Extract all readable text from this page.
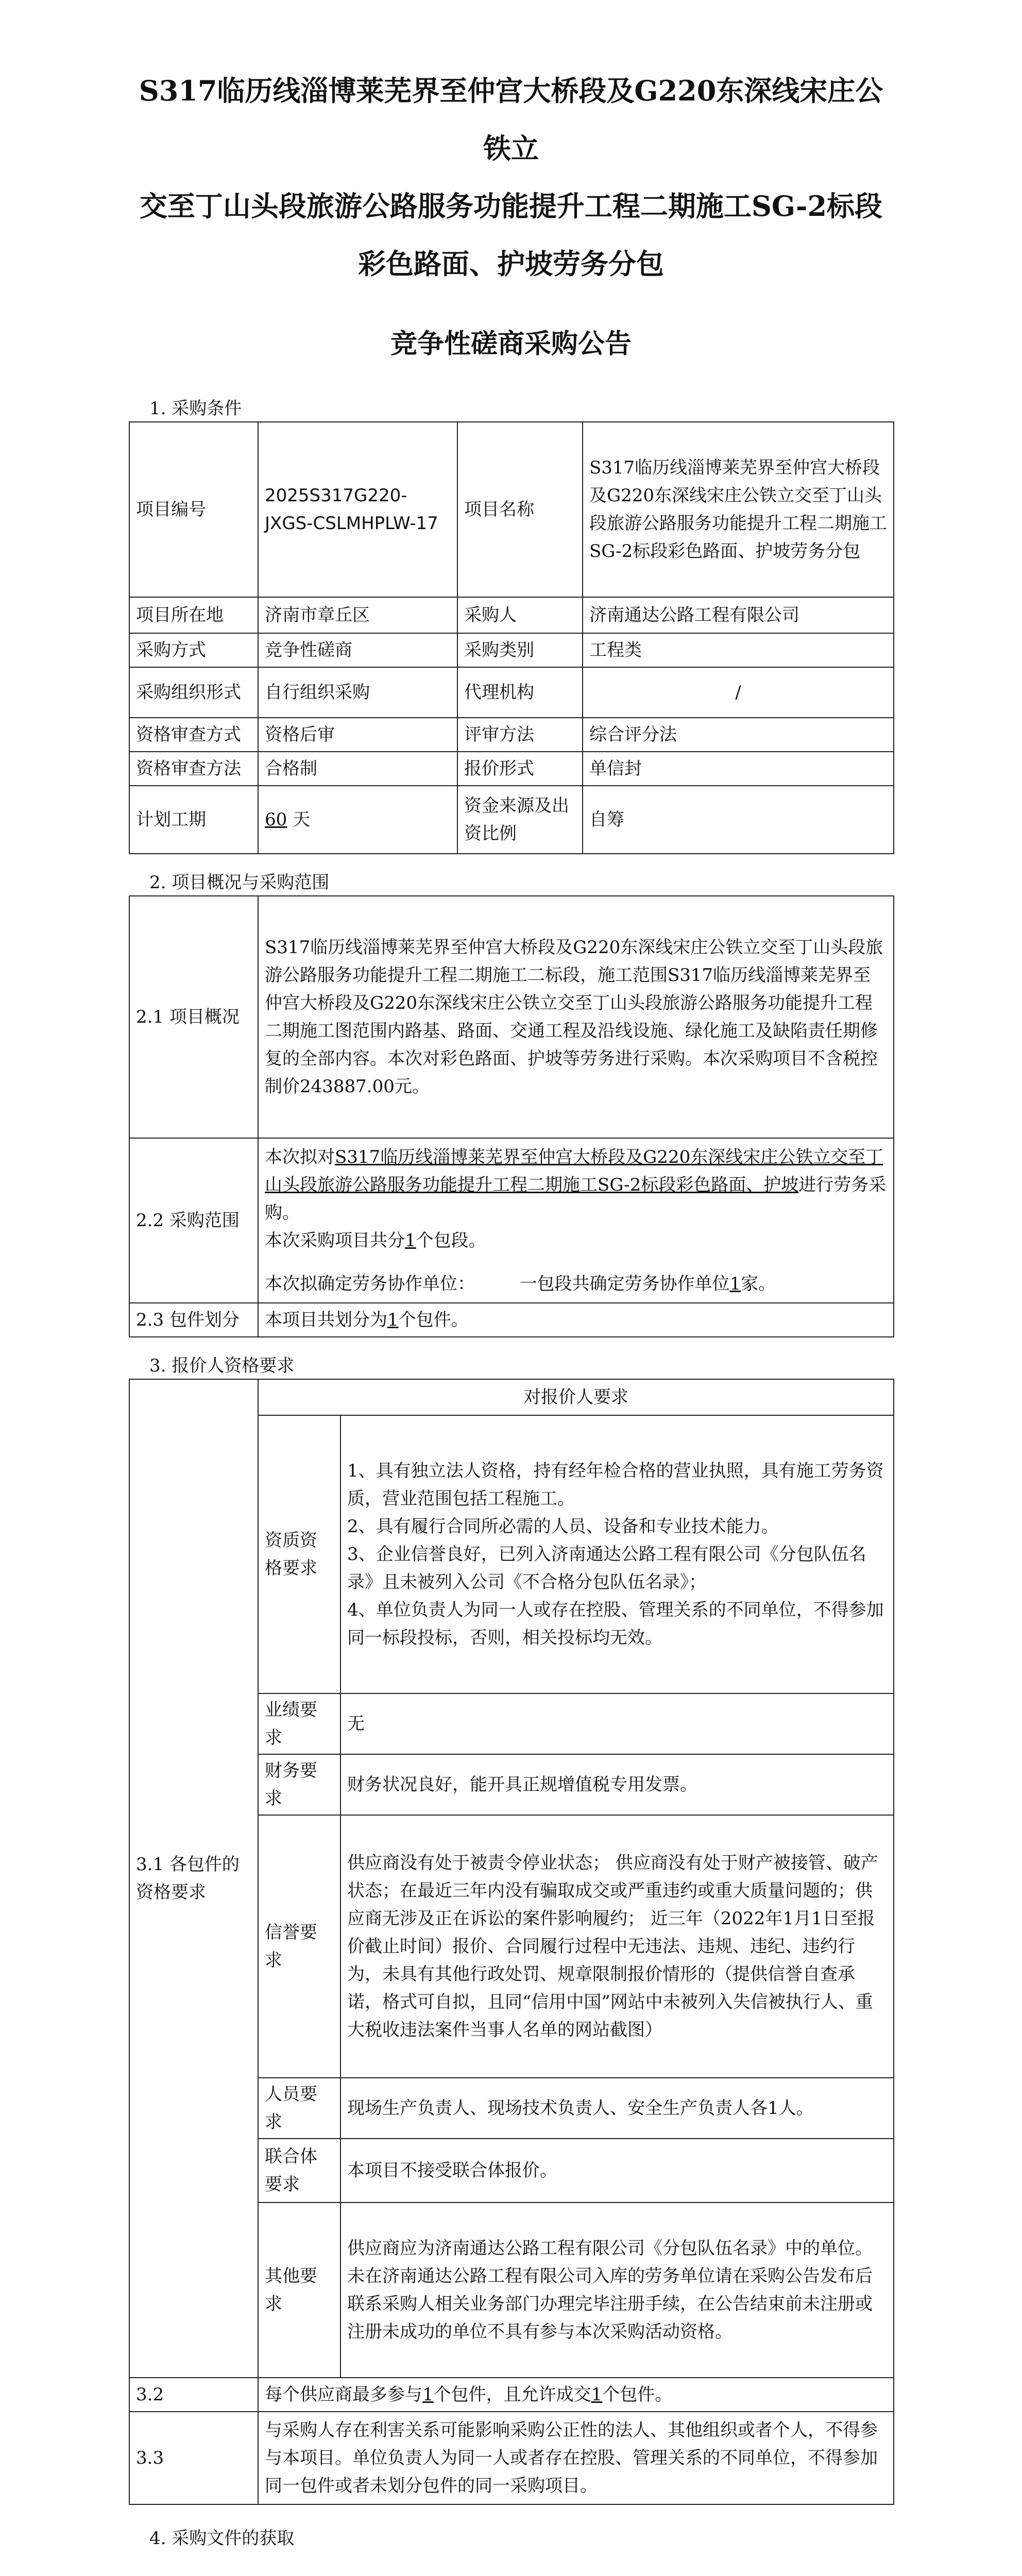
S317临历线淄博莱芜界至仲宫大桥段及G220东深线宋庄公铁立
交至丁山头段旅游公路服务功能提升工程二期施工SG-2标段
彩色路面、护坡劳务分包
竞争性磋商采购公告

1. 采购条件

项目编号	2025S317G220-JXGS-CSLMHPLW-17	项目名称	S317临历线淄博莱芜界至仲宫大桥段及G220东深线宋庄公铁立交至丁山头段旅游公路服务功能提升工程二期施工SG-2标段彩色路面、护坡劳务分包
项目所在地	济南市章丘区	采购人	济南通达公路工程有限公司
采购方式	竞争性磋商	采购类别	工程类
采购组织形式	自行组织采购	代理机构	/
资格审查方式	资格后审	评审方法	综合评分法
资格审查方法	合格制	报价形式	单信封
计划工期	60 天	资金来源及出资比例	自筹

2. 项目概况与采购范围

2.1 项目概况	S317临历线淄博莱芜界至仲宫大桥段及G220东深线宋庄公铁立交至丁山头段旅游公路服务功能提升工程二期施工二标段，施工范围S317临历线淄博莱芜界至仲宫大桥段及G220东深线宋庄公铁立交至丁山头段旅游公路服务功能提升工程二期施工图范围内路基、路面、交通工程及沿线设施、绿化施工及缺陷责任期修复的全部内容。本次对彩色路面、护坡等劳务进行采购。本次采购项目不含税控制价243887.00元。
2.2 采购范围	本次拟对S317临历线淄博莱芜界至仲宫大桥段及G220东深线宋庄公铁立交至丁山头段旅游公路服务功能提升工程二期施工SG-2标段彩色路面、护坡进行劳务采购。

本次采购项目共分1个包段。

本次拟确定劳务协作单位： 一包段共确定劳务协作单位1家。

2.3 包件划分	本项目共划分为1个包件。

3. 报价人资格要求

3.1 各包件的资格要求	对报价人要求	
	资质资格要求	1、具有独立法人资格，持有经年检合格的营业执照，具有施工劳务资质，营业范围包括工程施工。

2、具有履行合同所必需的人员、设备和专业技术能力。

3、企业信誉良好，已列入济南通达公路工程有限公司《分包队伍名录》且未被列入公司《不合格分包队伍名录》；

4、单位负责人为同一人或存在控股、管理关系的不同单位，不得参加同一标段投标，否则，相关投标均无效。

	业绩要求	无
	财务要求	财务状况良好，能开具正规增值税专用发票。
	信誉要求	供应商没有处于被责令停业状态； 供应商没有处于财产被接管、破产状态；在最近三年内没有骗取成交或严重违约或重大质量问题的；供应商无涉及正在诉讼的案件影响履约； 近三年（2022年1月1日至报价截止时间）报价、合同履行过程中无违法、违规、违纪、违约行为，未具有其他行政处罚、规章限制报价情形的（提供信誉自查承诺，格式可自拟，且同“信用中国”网站中未被列入失信被执行人、重大税收违法案件当事人名单的网站截图）
	人员要求	现场生产负责人、现场技术负责人、安全生产负责人各1人。
	联合体要求	本项目不接受联合体报价。
	其他要求	供应商应为济南通达公路工程有限公司《分包队伍名录》中的单位。未在济南通达公路工程有限公司入库的劳务单位请在采购公告发布后联系采购人相关业务部门办理完毕注册手续，在公告结束前未注册或注册未成功的单位不具有参与本次采购活动资格。
3.2	每个供应商最多参与1个包件，且允许成交1个包件。	
3.3	与采购人存在利害关系可能影响采购公正性的法人、其他组织或者个人，不得参与本项目。单位负责人为同一人或者存在控股、管理关系的不同单位，不得参加同一包件或者未划分包件的同一采购项目。	

4. 采购文件的获取
